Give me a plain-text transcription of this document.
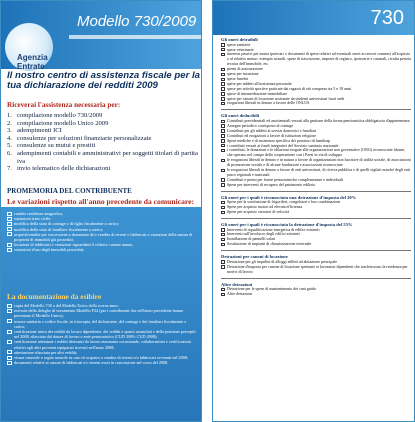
Agenzia Entrate
Modello 730/2009
Il nostro centro di assistenza fiscale per la tua dichiarazione dei redditi 2009
Riceverai l'assistenza necessaria per:
1. compilazione modello 730/2009
2. compilazione modello Unico 2009
3. adempimenti ICI
4. consulenze per soluzioni finanziarie personalizzate
5. consulenze su mutui e prestiti
6. adempimenti contabili e amministrativi per soggetti titolari di partita iva
7. invio telematico delle dichiarazioni
PROMEMORIA DEL CONTRIBUENTE
Le variazioni rispetto all'anno precedente da comunicare:
cambio residenza anagrafica;
variazioni stato civile;
modifica della stato di coniuge o di figlio fiscalmente a carico;
modifica della stato di familiare fiscalmente a carico;
acquisti/vendite per successione o donazione di/o vendita di terreni e fabbricati o variazioni della natura di proprietà di immobili già posseduti;
locazioni di fabbricati e variazioni riguardanti il relativo canone annuo;
variazioni d'uso degli immobili posseduti;
La documentazione da esibire
copia del Modello 730 o del Modello Unico della scorsa anno;
ricevute della deleghe di versamento Modello F24 (per i contribuenti che nell'anno precedente hanno presentato il Modello Unico);
tessera sanitaria o codice fiscale, in fotocopia, del dichiarante, del coniuge e dei familiari fiscalmente a carico;
certificazione unica dei redditi da lavoro dipendente, dei redditi e quanti assimilati e della pensione percepiti nel 2008, rilasciata dal datore di lavoro o ente pensionistico (CUD 2009; CUD 2008);
certificazione attestante i redditi derivanti da lavoro autonomo occasionale, collaborazioni e certificazioni relativi agli altri proventi equiparati ricevuti nell'anno 2008;
attestazione rilasciata per altri redditi;
visura catastale o rogito notarile in caso di acquisto o vendita di terreni e/o fabbricati avvenuti nel 2008;
documenti relativi ai canoni di fabbricati e/o terreni avuti in concessione nel corso del 2008.
730
Gli oneri detraibili
spese sanitarie
spese veterinarie
interessi passivi per mutui ipotecari o documenti di spese relativi ad eventuali oneri accessori connessi all'acquisto o al relativo mutuo: esempio notarili, spese di trascrizione, imposte di registro, ipotecarie e catastali, rivalsa perizia tecnica dell'immobile, etc.
premi di assicurazione
spese per istruzione
spese funebri
spese per addetti all'assistenza personale
spese per attività sportive praticate dai ragazzi di età compresa tra 5 e 18 anni
spese di intermediazione immobiliare
spese per canoni di locazione sostenute da studenti universitari fuori sede
erogazioni liberali in denaro a favore delle ONLUS
Gli oneri deducibili
Contributi previdenziali ed assistenziali versati alla gestione della forma pensionistica obbligatoria d'appartenenza
Assegno periodico corrisposto al coniuge
Contributi per gli addetti ai servizi domestici e familiari
Contributi ed erogazioni a favore di istituzioni religiose
Spese mediche e di assistenza specifica dei portatori di handicap
i contributi versati ai fondi integrativi del Servizio sanitario nazionale
i contributi, le donazioni e le oblazioni erogate alle organizzazioni non governative (ONG) riconosciute idonee, che operano nel campo della cooperazione con i Paesi in via di sviluppo
le erogazioni liberali in denaro e in natura a favore di organizzazioni non lucrative di utilità sociale, di associazioni di promozione sociale e di alcune fondazioni e associazioni riconosciute
le erogazioni liberali in denaro a favore di enti universitari, di ricerca pubblica e di quelli vigilati nonché degli enti parco regionali e nazionali
Contributi e premi per forme pensionistiche complementari e individuali
Spese per interventi di recupero del patrimonio edilizio
Gli oneri per i quali è riconosciuta una detrazione d'imposta del 20%
Spese per la sostituzione di frigoriferi, congelatori e loro combinazioni
Spese per acquisto motori ad elevata efficienza
Spese per acquisto variatori di velocità
Gli oneri per i quali è riconosciuta la detrazione d'imposta del 55%
Interventi di riqualificazione energetica di edifici esistenti
Interventi sull'involucro degli edifici esistenti
Installazione di pannelli solari
Sostituzione di impianti di climatizzazione invernale
Detrazioni per canoni di locazione
Detrazione per gli inquilini di alloggi adibiti ad abitazione principale
Detrazione d'imposta per canone di locazione spettante ai lavoratori dipendenti che trasferiscono la residenza per motivi di lavoro
Altre detrazioni
Detrazione per le spese di mantenimento dei cani guida
Altre detrazioni
